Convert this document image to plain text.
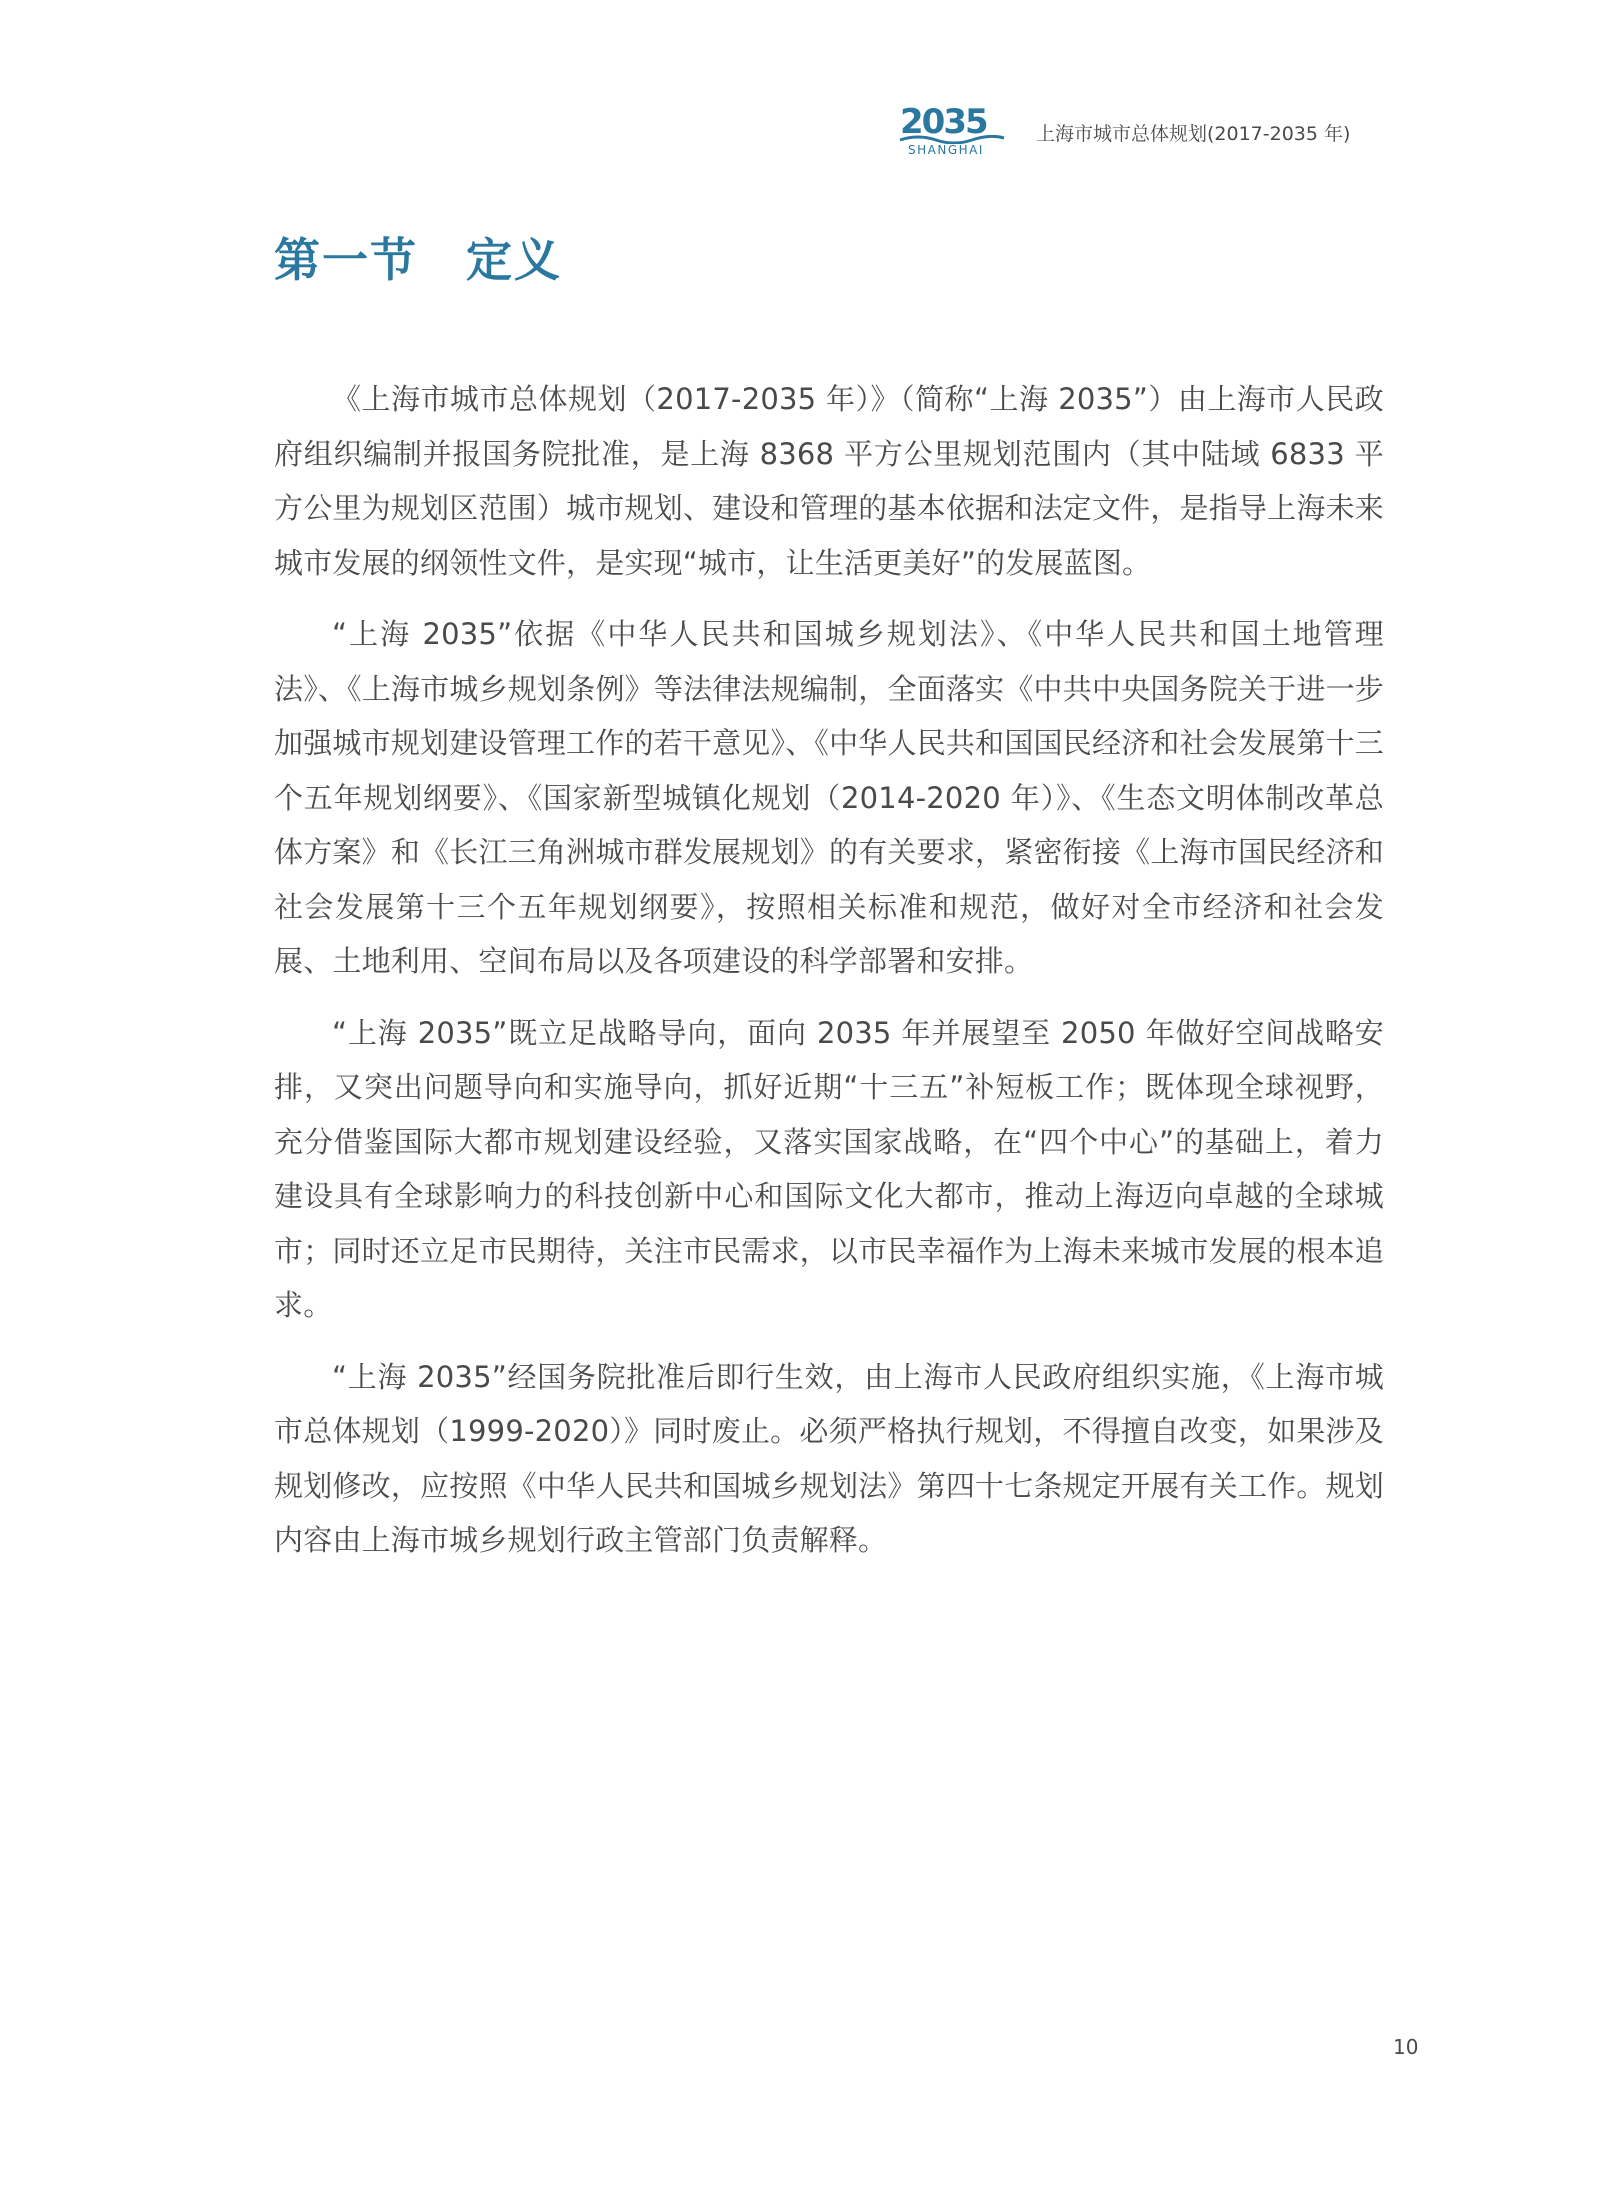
2035
SHANGHAI
上海市城市总体规划(2017-2035 年)
第一节　定义

《上海市城市总体规划（2017-2035 年）》（简称“上海 2035”）由上海市人民政府组织编制并报国务院批准，是上海 8368 平方公里规划范围内（其中陆域 6833 平方公里为规划区范围）城市规划、建设和管理的基本依据和法定文件，是指导上海未来城市发展的纲领性文件，是实现“城市，让生活更美好”的发展蓝图。

“上海 2035”依据《中华人民共和国城乡规划法》、《中华人民共和国土地管理法》、《上海市城乡规划条例》等法律法规编制，全面落实《中共中央国务院关于进一步加强城市规划建设管理工作的若干意见》、《中华人民共和国国民经济和社会发展第十三个五年规划纲要》、《国家新型城镇化规划（2014-2020 年）》、《生态文明体制改革总体方案》和《长江三角洲城市群发展规划》的有关要求，紧密衔接《上海市国民经济和社会发展第十三个五年规划纲要》，按照相关标准和规范，做好对全市经济和社会发展、土地利用、空间布局以及各项建设的科学部署和安排。

“上海 2035”既立足战略导向，面向 2035 年并展望至 2050 年做好空间战略安排，又突出问题导向和实施导向，抓好近期“十三五”补短板工作；既体现全球视野，充分借鉴国际大都市规划建设经验，又落实国家战略，在“四个中心”的基础上，着力建设具有全球影响力的科技创新中心和国际文化大都市，推动上海迈向卓越的全球城市；同时还立足市民期待，关注市民需求，以市民幸福作为上海未来城市发展的根本追求。

“上海 2035”经国务院批准后即行生效，由上海市人民政府组织实施，《上海市城市总体规划（1999-2020）》同时废止。必须严格执行规划，不得擅自改变，如果涉及规划修改，应按照《中华人民共和国城乡规划法》第四十七条规定开展有关工作。规划内容由上海市城乡规划行政主管部门负责解释。

10
